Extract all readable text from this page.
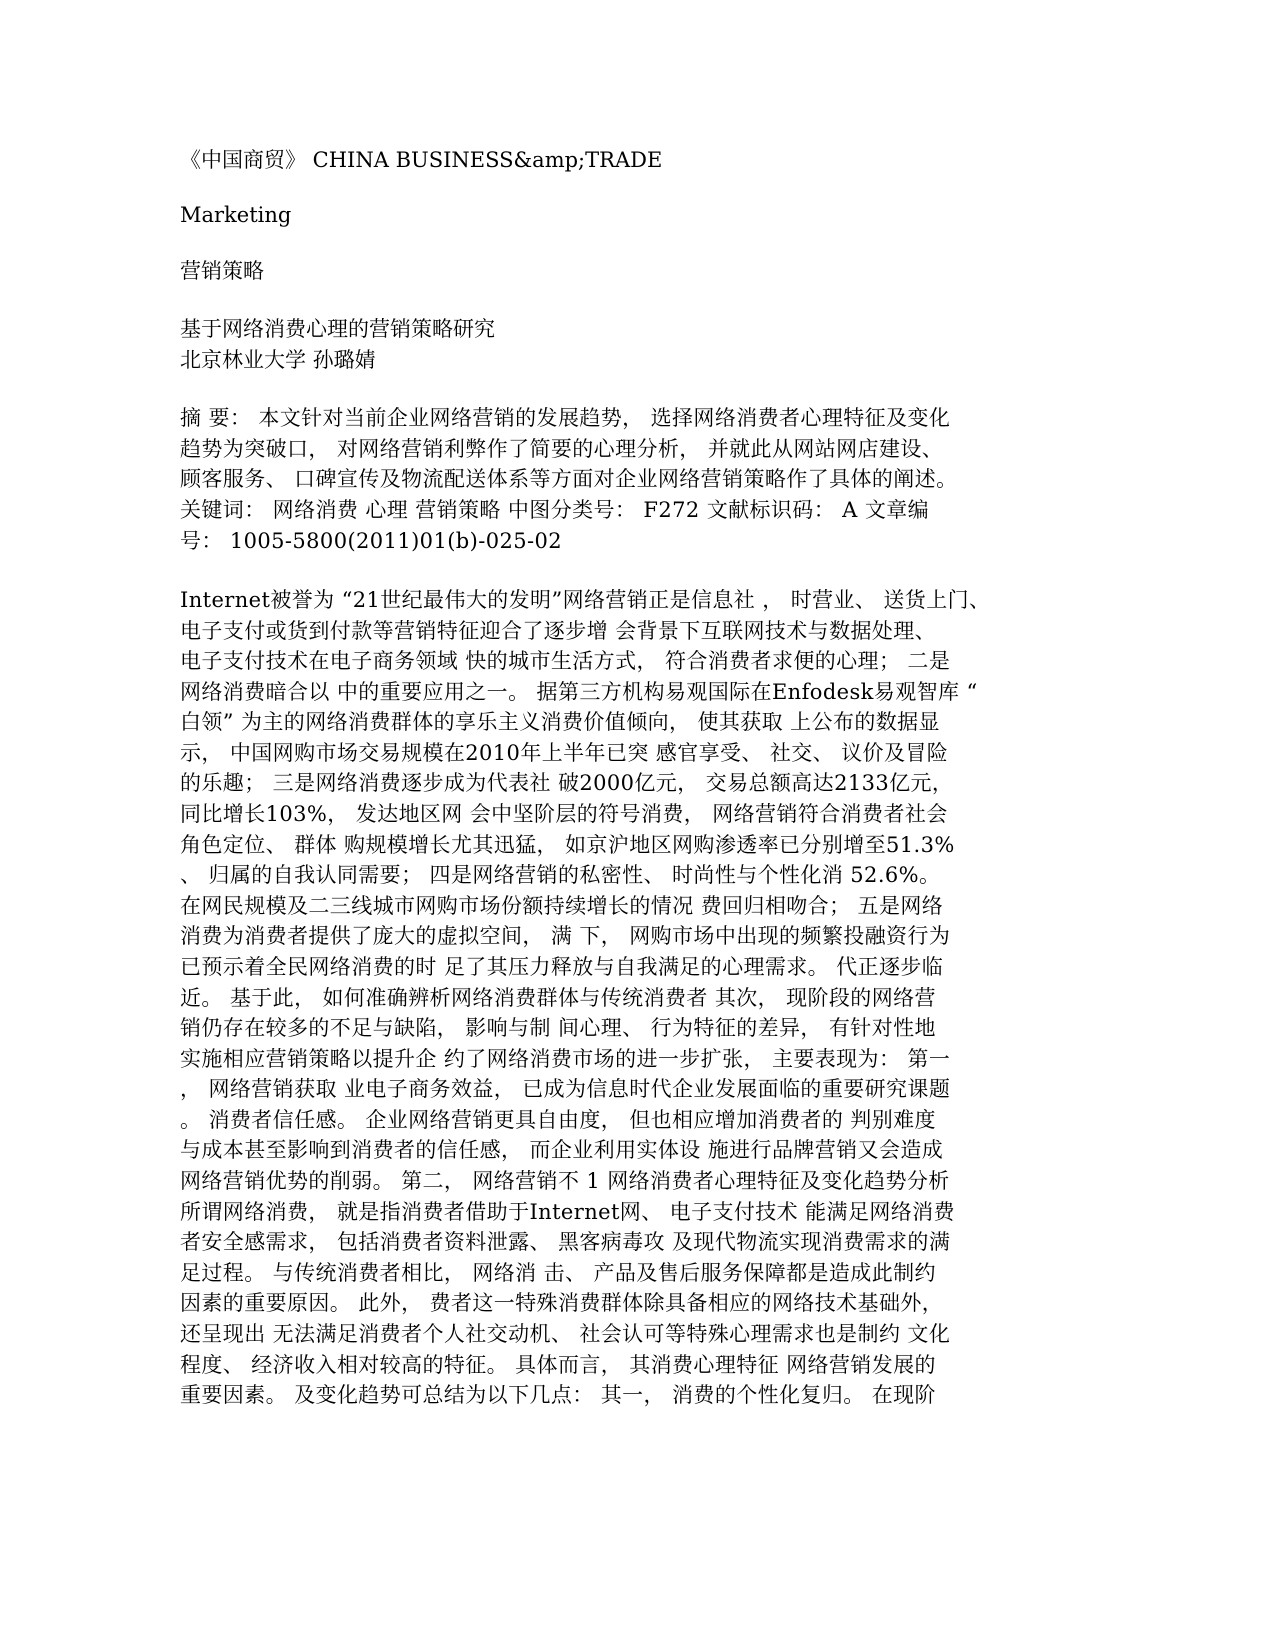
《中国商贸》 CHINA BUSINESS&amp;TRADE
Marketing
营销策略
基于网络消费心理的营销策略研究
北京林业大学 孙璐婧
摘 要： 本文针对当前企业网络营销的发展趋势， 选择网络消费者心理特征及变化
趋势为突破口， 对网络营销利弊作了简要的心理分析， 并就此从网站网店建设、
顾客服务、 口碑宣传及物流配送体系等方面对企业网络营销策略作了具体的阐述。
关键词： 网络消费 心理 营销策略 中图分类号： F272 文献标识码： A 文章编
号： 1005-5800(2011)01(b)-025-02
Internet被誉为 “21世纪最伟大的发明”网络营销正是信息社 ， 时营业、 送货上门、
电子支付或货到付款等营销特征迎合了逐步增 会背景下互联网技术与数据处理、
电子支付技术在电子商务领域 快的城市生活方式， 符合消费者求便的心理； 二是
网络消费暗合以 中的重要应用之一。 据第三方机构易观国际在Enfodesk易观智库 “
白领” 为主的网络消费群体的享乐主义消费价值倾向， 使其获取 上公布的数据显
示， 中国网购市场交易规模在2010年上半年已突 感官享受、 社交、 议价及冒险
的乐趣； 三是网络消费逐步成为代表社 破2000亿元， 交易总额高达2133亿元，
同比增长103%， 发达地区网 会中坚阶层的符号消费， 网络营销符合消费者社会
角色定位、 群体 购规模增长尤其迅猛， 如京沪地区网购渗透率已分别增至51.3%
、 归属的自我认同需要； 四是网络营销的私密性、 时尚性与个性化消 52.6%。
在网民规模及二三线城市网购市场份额持续增长的情况 费回归相吻合； 五是网络
消费为消费者提供了庞大的虚拟空间， 满 下， 网购市场中出现的频繁投融资行为
已预示着全民网络消费的时 足了其压力释放与自我满足的心理需求。 代正逐步临
近。 基于此， 如何准确辨析网络消费群体与传统消费者 其次， 现阶段的网络营
销仍存在较多的不足与缺陷， 影响与制 间心理、 行为特征的差异， 有针对性地
实施相应营销策略以提升企 约了网络消费市场的进一步扩张， 主要表现为： 第一
， 网络营销获取 业电子商务效益， 已成为信息时代企业发展面临的重要研究课题
。 消费者信任感。 企业网络营销更具自由度， 但也相应增加消费者的 判别难度
与成本甚至影响到消费者的信任感， 而企业利用实体设 施进行品牌营销又会造成
网络营销优势的削弱。 第二， 网络营销不 1 网络消费者心理特征及变化趋势分析
所谓网络消费， 就是指消费者借助于Internet网、 电子支付技术 能满足网络消费
者安全感需求， 包括消费者资料泄露、 黑客病毒攻 及现代物流实现消费需求的满
足过程。 与传统消费者相比， 网络消 击、 产品及售后服务保障都是造成此制约
因素的重要原因。 此外， 费者这一特殊消费群体除具备相应的网络技术基础外，
还呈现出 无法满足消费者个人社交动机、 社会认可等特殊心理需求也是制约 文化
程度、 经济收入相对较高的特征。 具体而言， 其消费心理特征 网络营销发展的
重要因素。 及变化趋势可总结为以下几点： 其一， 消费的个性化复归。 在现阶
